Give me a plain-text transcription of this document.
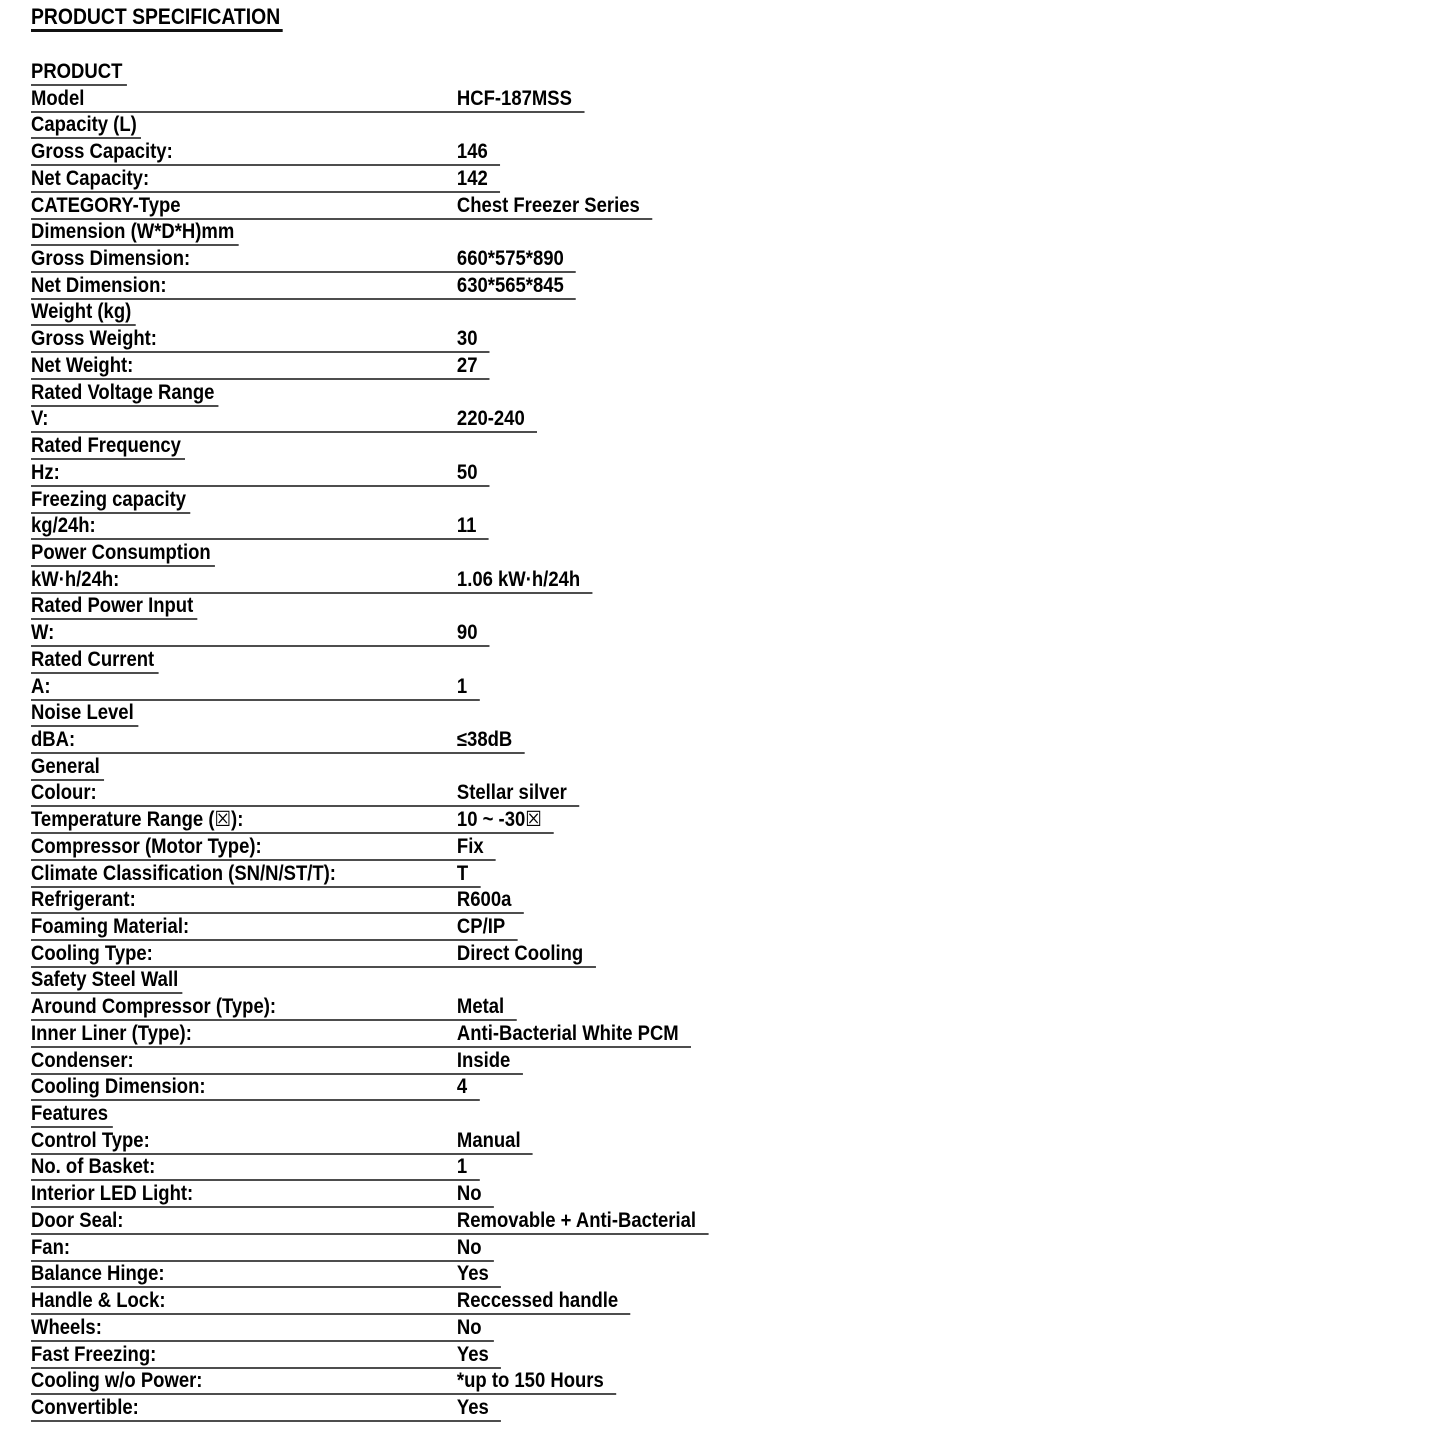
PRODUCT SPECIFICATION
PRODUCT
Model	HCF-187MSS
Capacity (L)
Gross Capacity:	146
Net Capacity:	142
CATEGORY-Type	Chest Freezer Series
Dimension (W*D*H)mm
Gross Dimension:	660*575*890
Net Dimension:	630*565*845
Weight (kg)
Gross Weight:	30
Net Weight:	27
Rated Voltage Range
V:	220-240
Rated Frequency
Hz:	50
Freezing capacity
kg/24h:	11
Power Consumption
kW·h/24h:	1.06 kW·h/24h
Rated Power Input
W:	90
Rated Current
A:	1
Noise Level
dBA:	≤38dB
General
Colour:	Stellar silver
Temperature Range (☒):	10 ~ -30☒
Compressor (Motor Type):	Fix
Climate Classification (SN/N/ST/T):	T
Refrigerant:	R600a
Foaming Material:	CP/IP
Cooling Type:	Direct Cooling
Safety Steel Wall
Around Compressor (Type):	Metal
Inner Liner (Type):	Anti-Bacterial White PCM
Condenser:	Inside
Cooling Dimension:	4
Features
Control Type:	Manual
No. of Basket:	1
Interior LED Light:	No
Door Seal:	Removable + Anti-Bacterial
Fan:	No
Balance Hinge:	Yes
Handle & Lock:	Reccessed handle
Wheels:	No
Fast Freezing:	Yes
Cooling w/o Power:	*up to 150 Hours
Convertible:	Yes
